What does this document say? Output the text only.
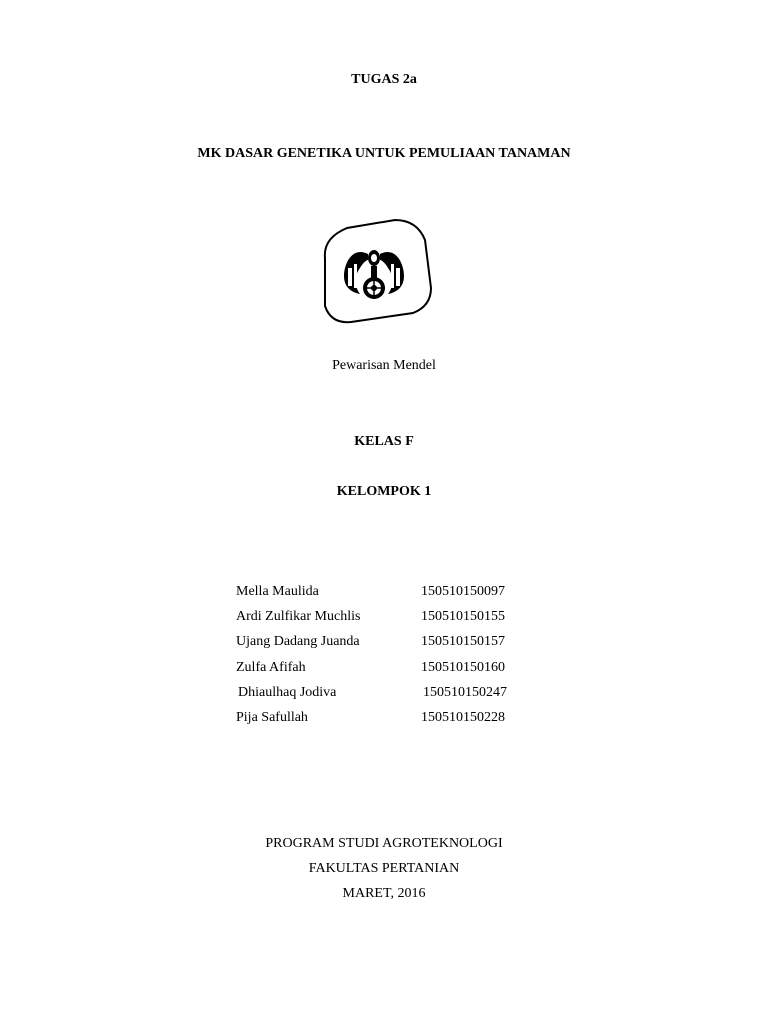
TUGAS 2a
MK DASAR GENETIKA UNTUK PEMULIAAN TANAMAN
Pewarisan Mendel
KELAS F
KELOMPOK 1
Mella Maulida	150510150097
Ardi Zulfikar Muchlis	150510150155
Ujang Dadang Juanda	150510150157
Zulfa Afifah	150510150160
Dhiaulhaq Jodiva	150510150247
Pija Safullah	150510150228
PROGRAM STUDI AGROTEKNOLOGI
FAKULTAS PERTANIAN
MARET, 2016
